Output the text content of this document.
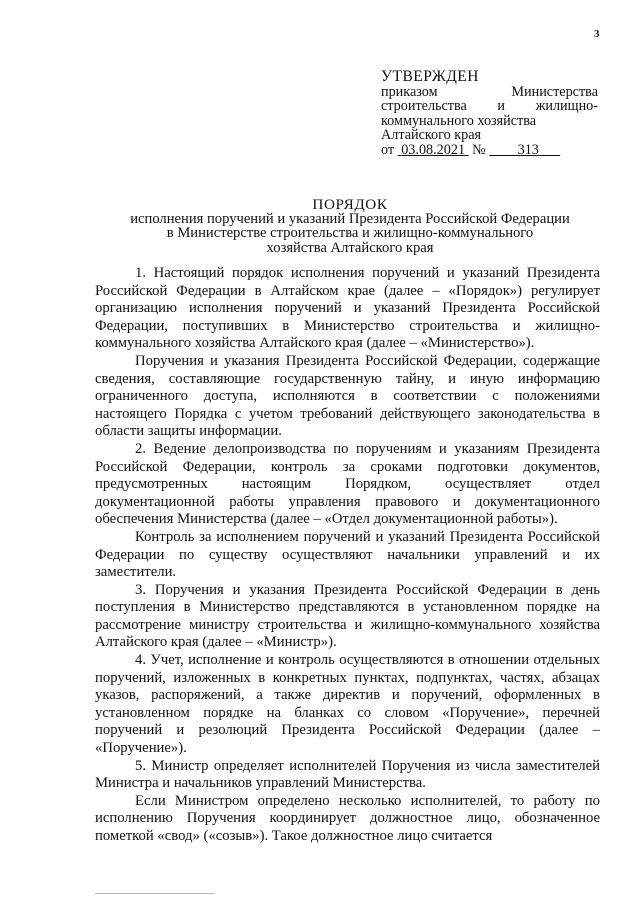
3
УТВЕРЖДЕН
приказом Министерства
строительства и жилищно-
коммунального хозяйства
Алтайского края
от 03.08.2021 № 313
ПОРЯДОК
исполнения поручений и указаний Президента Российской Федерации
в Министерстве строительства и жилищно-коммунального
хозяйства Алтайского края

1. Настоящий порядок исполнения поручений и указаний Президента Российской Федерации в Алтайском крае (далее – «Порядок») регулирует организацию исполнения поручений и указаний Президента Российской Федерации, поступивших в Министерство строительства и жилищно-коммунального хозяйства Алтайского края (далее – «Министерство»).

Поручения и указания Президента Российской Федерации, содержащие сведения, составляющие государственную тайну, и иную информацию ограниченного доступа, исполняются в соответствии с положениями настоящего Порядка с учетом требований действующего законодательства в области защиты информации.

2. Ведение делопроизводства по поручениям и указаниям Президента Российской Федерации, контроль за сроками подготовки документов, предусмотренных настоящим Порядком, осуществляет отдел документационной работы управления правового и документационного обеспечения Министерства (далее – «Отдел документационной работы»).

Контроль за исполнением поручений и указаний Президента Российской Федерации по существу осуществляют начальники управлений и их заместители.

3. Поручения и указания Президента Российской Федерации в день поступления в Министерство представляются в установленном порядке на рассмотрение министру строительства и жилищно-коммунального хозяйства Алтайского края (далее – «Министр»).

4. Учет, исполнение и контроль осуществляются в отношении отдельных поручений, изложенных в конкретных пунктах, подпунктах, частях, абзацах указов, распоряжений, а также директив и поручений, оформленных в установленном порядке на бланках со словом «Поручение», перечней поручений и резолюций Президента Российской Федерации (далее – «Поручение»).

5. Министр определяет исполнителей Поручения из числа заместителей Министра и начальников управлений Министерства.

Если Министром определено несколько исполнителей, то работу по исполнению Поручения координирует должностное лицо, обозначенное пометкой «свод» («созыв»). Такое должностное лицо считается
